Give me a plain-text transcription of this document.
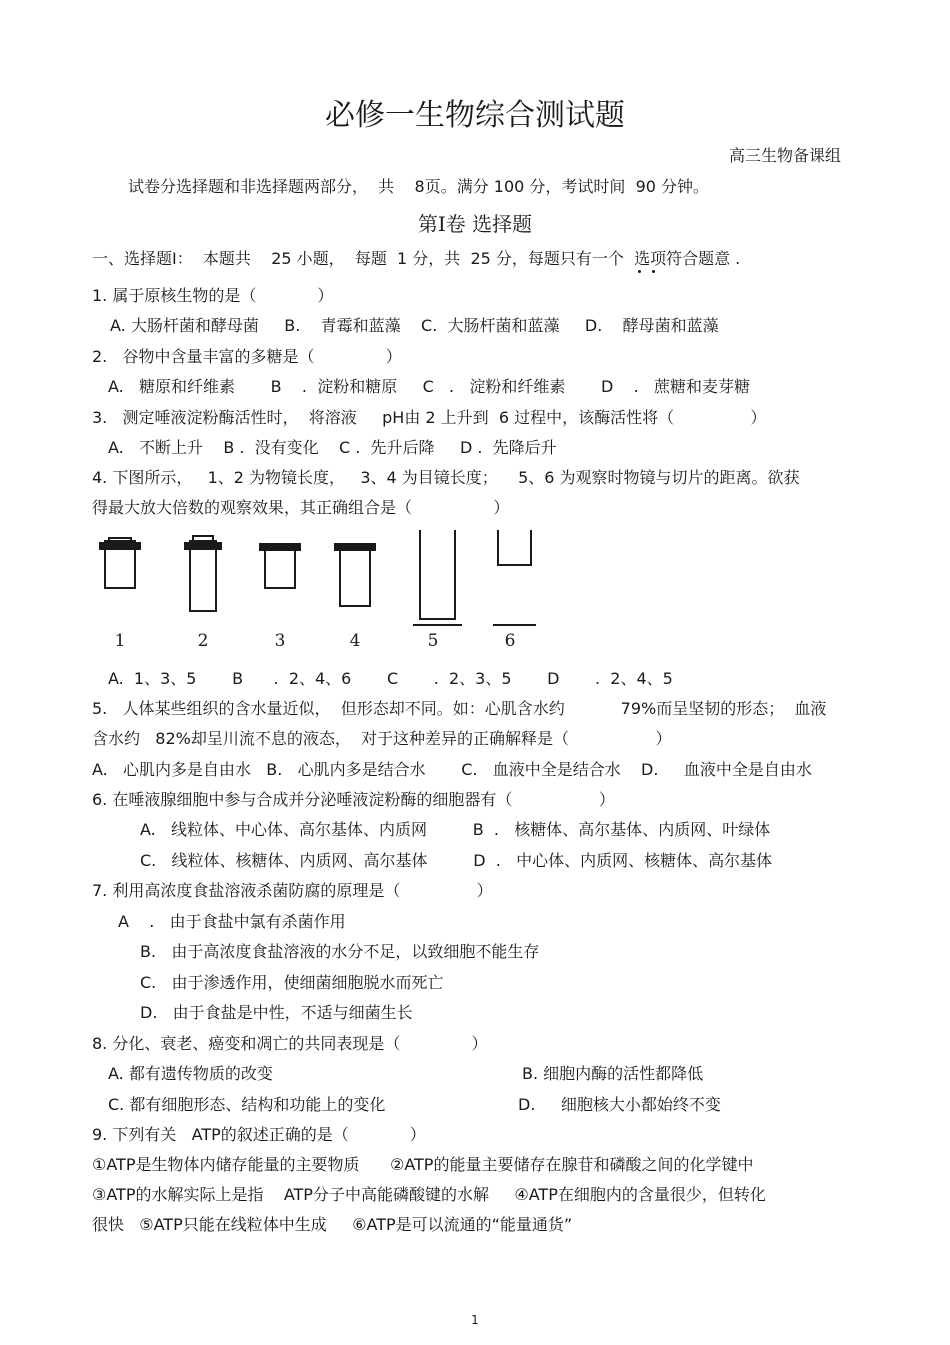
必修一生物综合测试题
高三生物备课组
试卷分选择题和非选择题两部分，  共    8页。满分 100 分，考试时间  90 分钟。
第Ⅰ卷 选择题
一、选择题Ⅰ：  本题共    25 小题，  每题  1 分，共  25 分，每题只有一个  选项符合题意 .
1. 属于原核生物的是（            ）
A. 大肠杆菌和酵母菌     B.    青霉和蓝藻    C.  大肠杆菌和蓝藻     D.    酵母菌和蓝藻
2.   谷物中含量丰富的多糖是（              ）
A.   糖原和纤维素       B    .  淀粉和糖原     C   .   淀粉和纤维素       D    .   蔗糖和麦芽糖
3.   测定唾液淀粉酶活性时，  将溶液     pH由 2 上升到  6 过程中，该酶活性将（               ）
A.   不断上升    B .  没有变化    C .  先升后降     D .  先降后升
4. 下图所示，   1、2 为物镜长度，   3、4 为目镜长度；    5、6 为观察时物镜与切片的距离。欲获
得最大放大倍数的观察效果，其正确组合是（                ）
1	2	3	4	5	6
A.  1、3、5       B      .  2、4、6       C       .  2、3、5       D       .  2、4、5
5.   人体某些组织的含水量近似，  但形态却不同。如：心肌含水约           79%而呈坚韧的形态；  血液
含水约   82%却呈川流不息的液态，  对于这种差异的正确解释是（                 ）
A.   心肌内多是自由水   B.   心肌内多是结合水       C.   血液中全是结合水    D.     血液中全是自由水
6. 在唾液腺细胞中参与合成并分泌唾液淀粉酶的细胞器有（                 ）
A.   线粒体、中心体、高尔基体、内质网         B  .   核糖体、高尔基体、内质网、叶绿体
C.   线粒体、核糖体、内质网、高尔基体         D  .   中心体、内质网、核糖体、高尔基体
7. 利用高浓度食盐溶液杀菌防腐的原理是（               ）
A    .   由于食盐中氯有杀菌作用
B.   由于高浓度食盐溶液的水分不足，以致细胞不能生存
C.   由于渗透作用，使细菌细胞脱水而死亡
D.   由于食盐是中性，不适与细菌生长
8. 分化、衰老、癌变和凋亡的共同表现是（              ）
A. 都有遗传物质的改变	B. 细胞内酶的活性都降低
C. 都有细胞形态、结构和功能上的变化	D.     细胞核大小都始终不变
9. 下列有关   ATP的叙述正确的是（            ）
①ATP是生物体内储存能量的主要物质      ②ATP的能量主要储存在腺苷和磷酸之间的化学键中
③ATP的水解实际上是指    ATP分子中高能磷酸键的水解     ④ATP在细胞内的含量很少，但转化
很快   ⑤ATP只能在线粒体中生成     ⑥ATP是可以流通的“能量通货”
1
